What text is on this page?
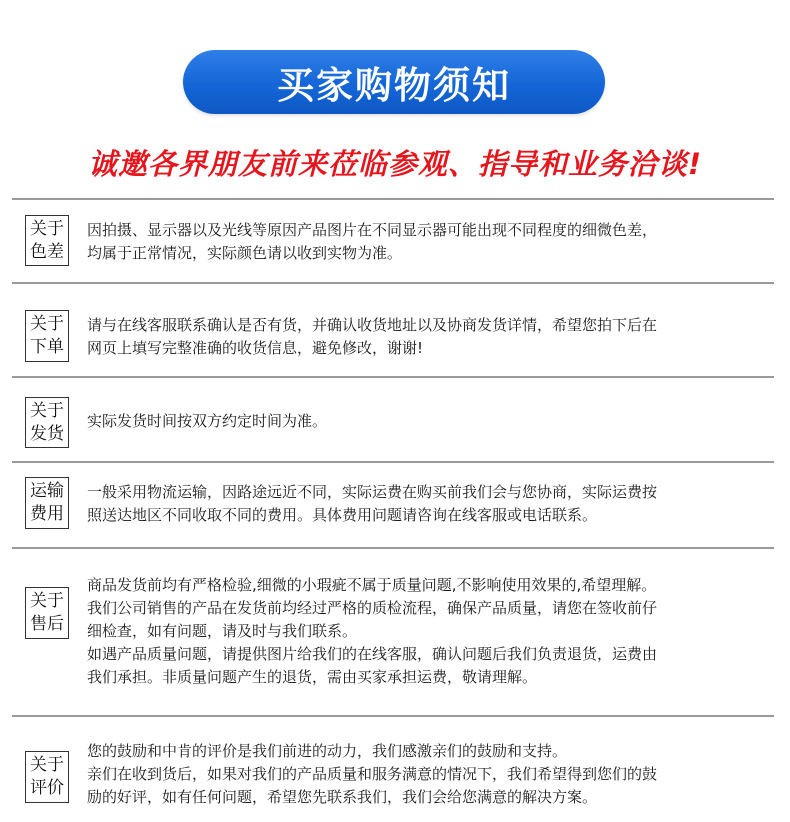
买家购物须知
诚邀各界朋友前来莅临参观、指导和业务洽谈!
关于
色差

因拍摄、显示器以及光线等原因产品图片在不同显示器可能出现不同程度的细微色差，

均属于正常情况，实际颜色请以收到实物为准。

关于
下单

请与在线客服联系确认是否有货，并确认收货地址以及协商发货详情，希望您拍下后在

网页上填写完整准确的收货信息，避免修改，谢谢!

关于
发货

实际发货时间按双方约定时间为准。

运输
费用

一般采用物流运输，因路途远近不同，实际运费在购买前我们会与您协商，实际运费按

照送达地区不同收取不同的费用。具体费用问题请咨询在线客服或电话联系。

关于
售后

商品发货前均有严格检验,细微的小瑕疵不属于质量问题,不影响使用效果的,希望理解。

我们公司销售的产品在发货前均经过严格的质检流程，确保产品质量，请您在签收前仔

细检查，如有问题，请及时与我们联系。

如遇产品质量问题，请提供图片给我们的在线客服，确认问题后我们负责退货，运费由

我们承担。非质量问题产生的退货，需由买家承担运费，敬请理解。

关于
评价

您的鼓励和中肯的评价是我们前进的动力，我们感激亲们的鼓励和支持。

亲们在收到货后，如果对我们的产品质量和服务满意的情况下，我们希望得到您们的鼓

励的好评，如有任何问题，希望您先联系我们，我们会给您满意的解决方案。
